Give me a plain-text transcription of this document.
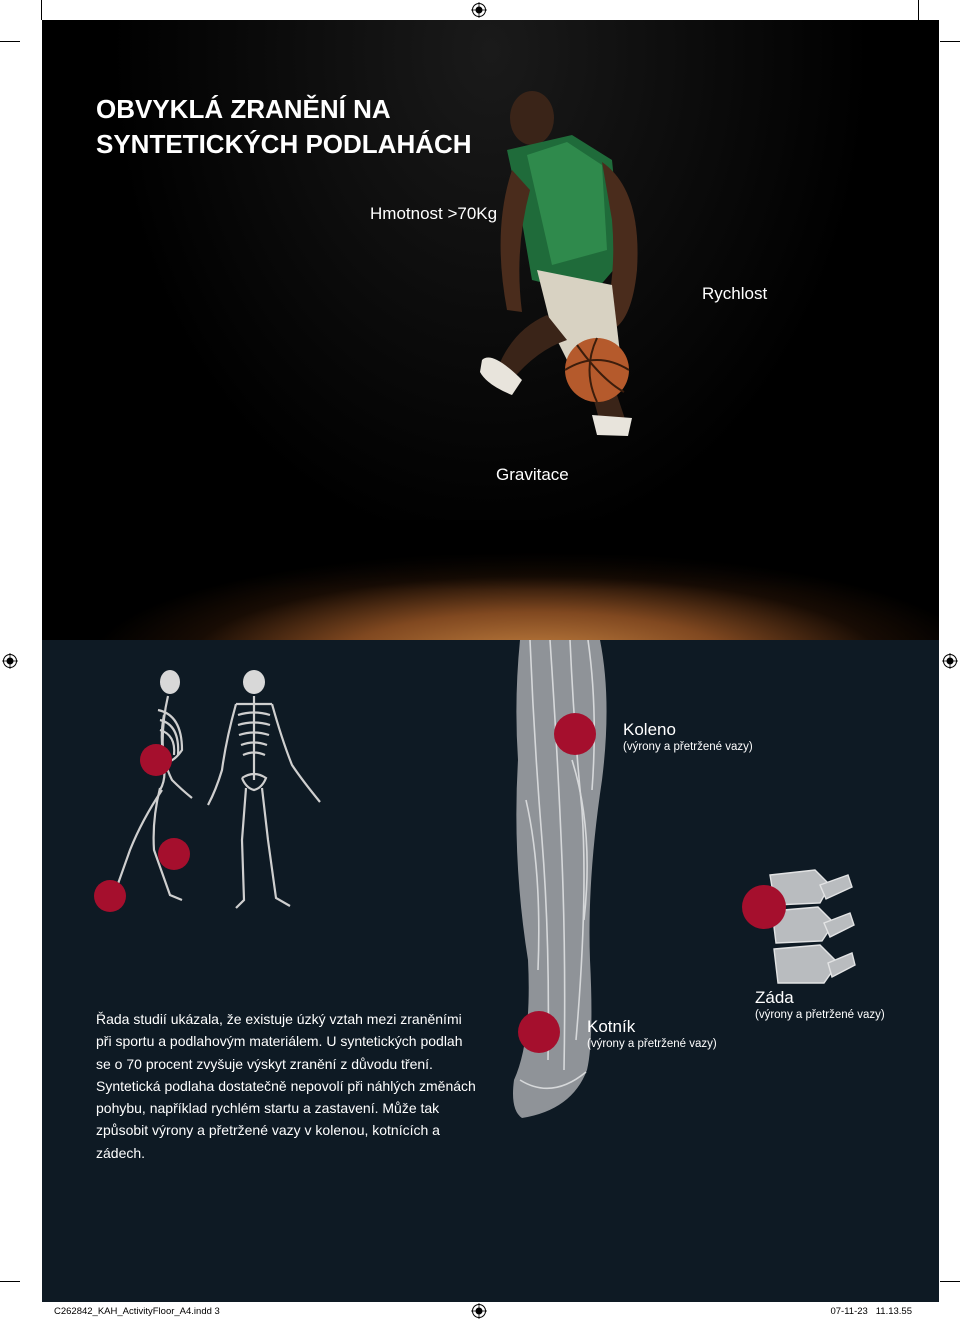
OBVYKLÁ ZRANĚNÍ NA SYNTETICKÝCH PODLAHÁCH
Hmotnost >70Kg
Rychlost
Gravitace
Koleno
(výrony a přetržené vazy)
Kotník
(výrony a přetržené vazy)
Záda
(výrony a přetržené vazy)

Řada studií ukázala, že existuje úzký vztah mezi zraněními při sportu a podlahovým materiálem. U syntetických podlah se o 70 procent zvyšuje výskyt zranění z důvodu tření. Syntetická podlaha dostatečně nepovolí při náhlých změnách pohybu, například rychlém startu a zastavení. Může tak způsobit výrony a přetržené vazy v kolenou, kotnících a zádech.

C262842_KAH_ActivityFloor_A4.indd 3	07-11-23   11.13.55
